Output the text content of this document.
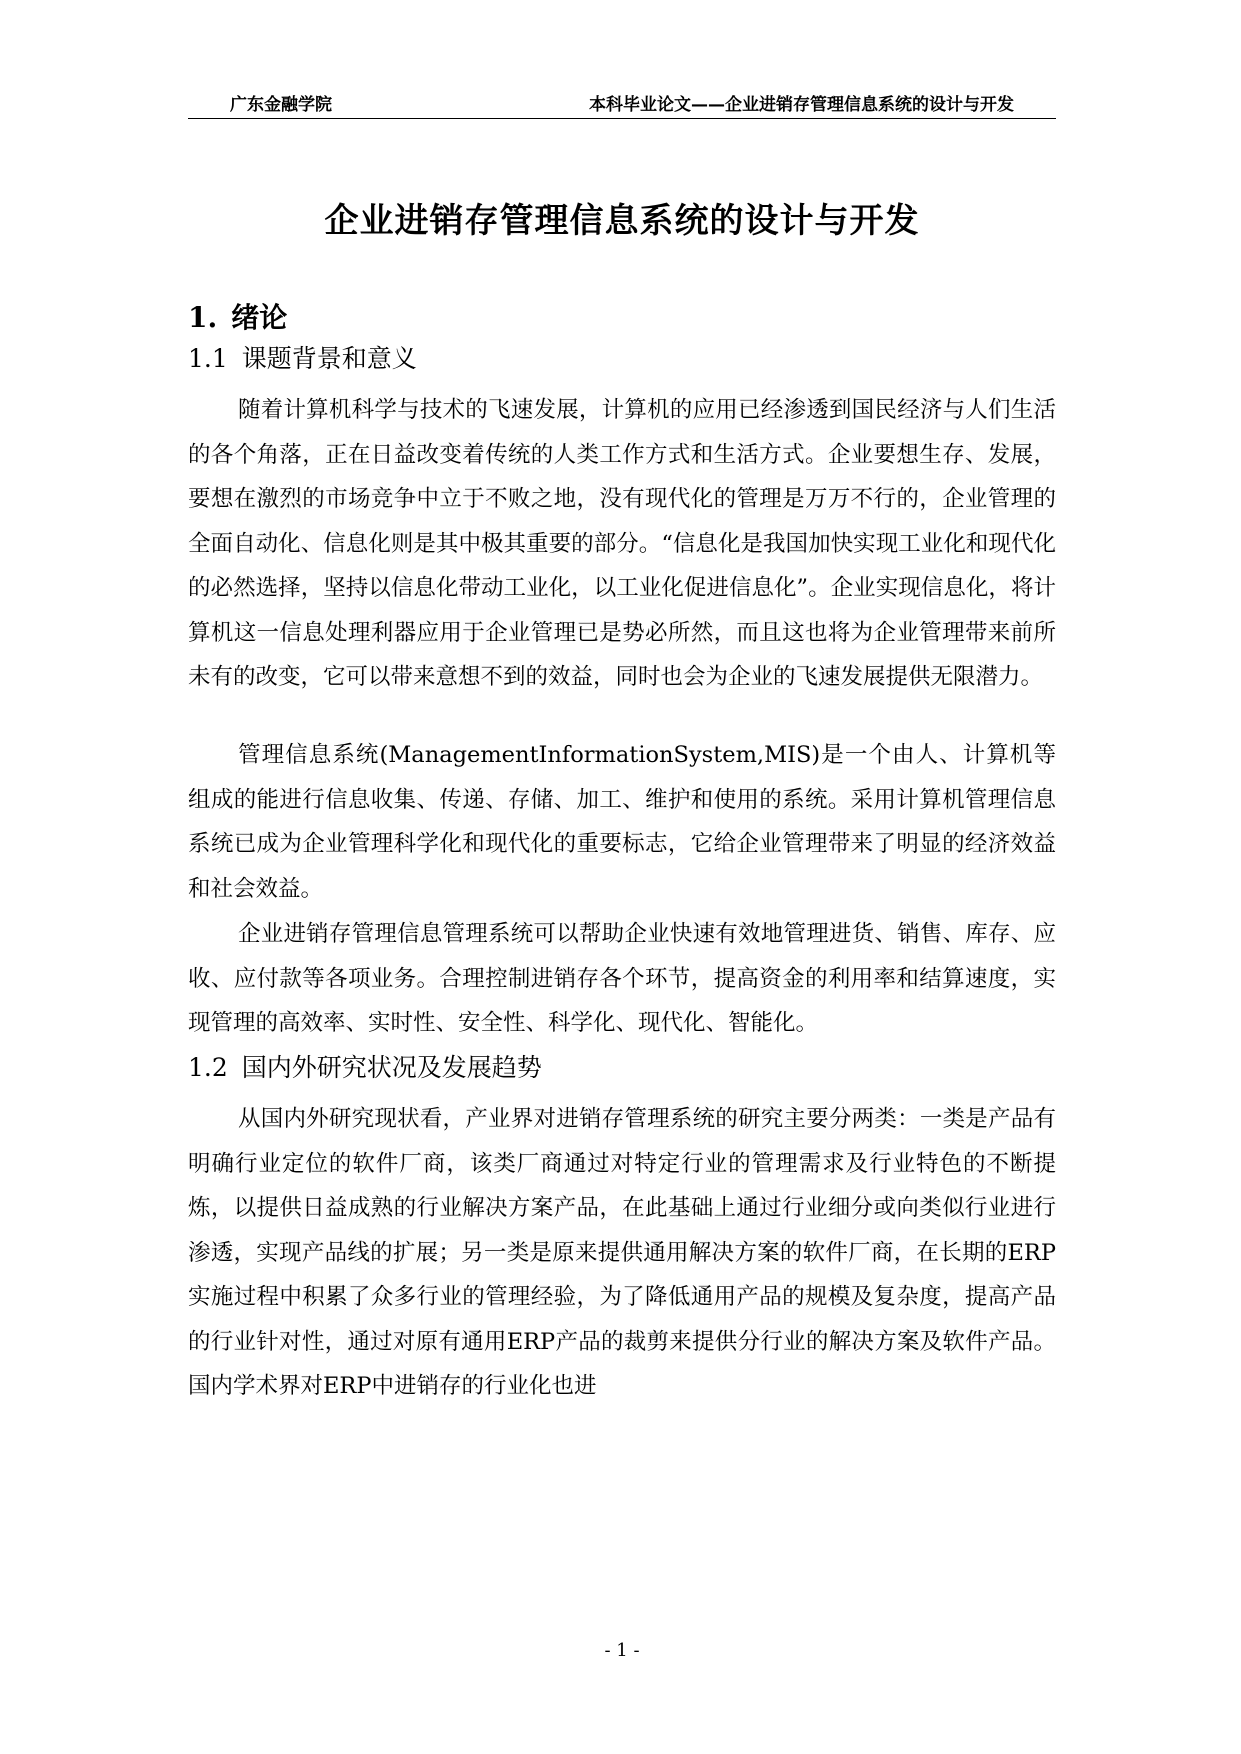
广东金融学院	本科毕业论文——企业进销存管理信息系统的设计与开发
企业进销存管理信息系统的设计与开发
1. 绪论
1.1 课题背景和意义

随着计算机科学与技术的飞速发展，计算机的应用已经渗透到国民经济与人们生活的各个角落，正在日益改变着传统的人类工作方式和生活方式。企业要想生存、发展，要想在激烈的市场竞争中立于不败之地，没有现代化的管理是万万不行的，企业管理的全面自动化、信息化则是其中极其重要的部分。“信息化是我国加快实现工业化和现代化的必然选择，坚持以信息化带动工业化，以工业化促进信息化”。企业实现信息化，将计算机这一信息处理利器应用于企业管理已是势必所然，而且这也将为企业管理带来前所未有的改变，它可以带来意想不到的效益，同时也会为企业的飞速发展提供无限潜力。

管理信息系统(ManagementInformationSystem,MIS)是一个由人、计算机等组成的能进行信息收集、传递、存储、加工、维护和使用的系统。采用计算机管理信息系统已成为企业管理科学化和现代化的重要标志，它给企业管理带来了明显的经济效益和社会效益。

企业进销存管理信息管理系统可以帮助企业快速有效地管理进货、销售、库存、应收、应付款等各项业务。合理控制进销存各个环节，提高资金的利用率和结算速度，实现管理的高效率、实时性、安全性、科学化、现代化、智能化。

1.2 国内外研究状况及发展趋势

从国内外研究现状看，产业界对进销存管理系统的研究主要分两类：一类是产品有明确行业定位的软件厂商，该类厂商通过对特定行业的管理需求及行业特色的不断提炼，以提供日益成熟的行业解决方案产品，在此基础上通过行业细分或向类似行业进行渗透，实现产品线的扩展；另一类是原来提供通用解决方案的软件厂商，在长期的ERP实施过程中积累了众多行业的管理经验，为了降低通用产品的规模及复杂度，提高产品的行业针对性，通过对原有通用ERP产品的裁剪来提供分行业的解决方案及软件产品。国内学术界对ERP中进销存的行业化也进

- 1 -
